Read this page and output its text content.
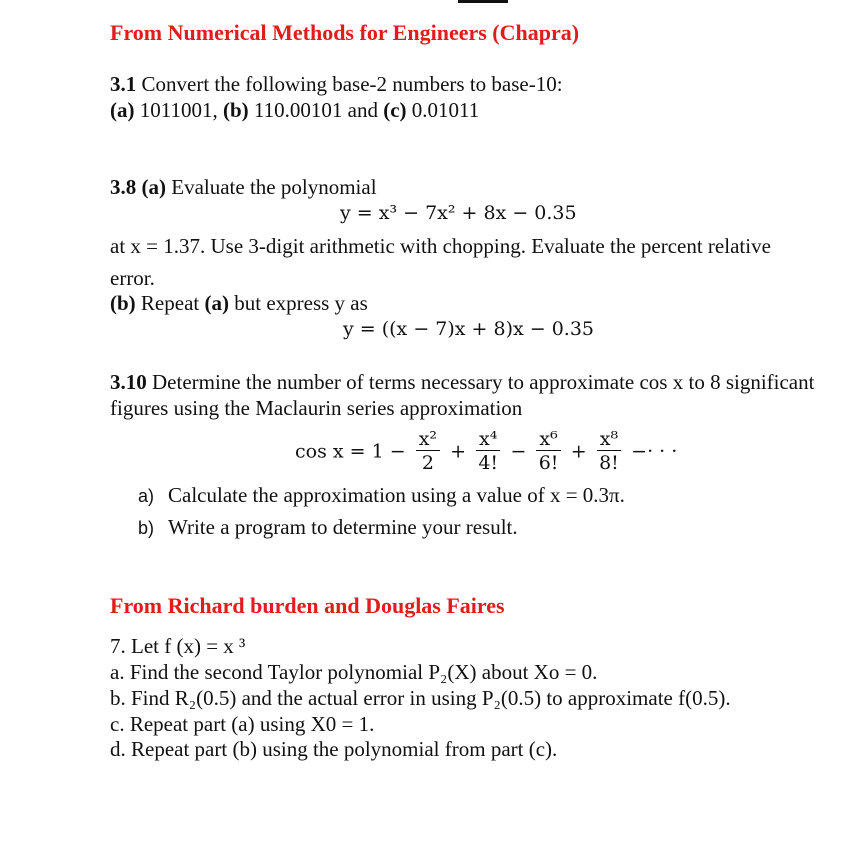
From Numerical Methods for Engineers (Chapra)
3.1 Convert the following base-2 numbers to base-10:
(a) 1011001, (b) 110.00101 and (c) 0.01011
3.8 (a) Evaluate the polynomial
y = x³ − 7x² + 8x − 0.35
at x = 1.37. Use 3-digit arithmetic with chopping. Evaluate the percent relative
error.
(b) Repeat (a) but express y as
y = ((x − 7)x + 8)x − 0.35
3.10 Determine the number of terms necessary to approximate cos x to 8 significant
figures using the Maclaurin series approximation
$\cos x = 1 - \frac{\text{x²}}{2} + \frac{\text{x⁴}}{4!} - \frac{\text{x⁶}}{6!} + \frac{\text{x⁸}}{8!}$ −· · ·
a) Calculate the approximation using a value of x = 0.3π.
b) Write a program to determine your result.
From Richard burden and Douglas Faires
7. Let f (x) = x ³
a. Find the second Taylor polynomial P₂(X) about Xo = 0.
b. Find R₂(0.5) and the actual error in using P₂(0.5) to approximate f(0.5).
c. Repeat part (a) using X0 = 1.
d. Repeat part (b) using the polynomial from part (c).
